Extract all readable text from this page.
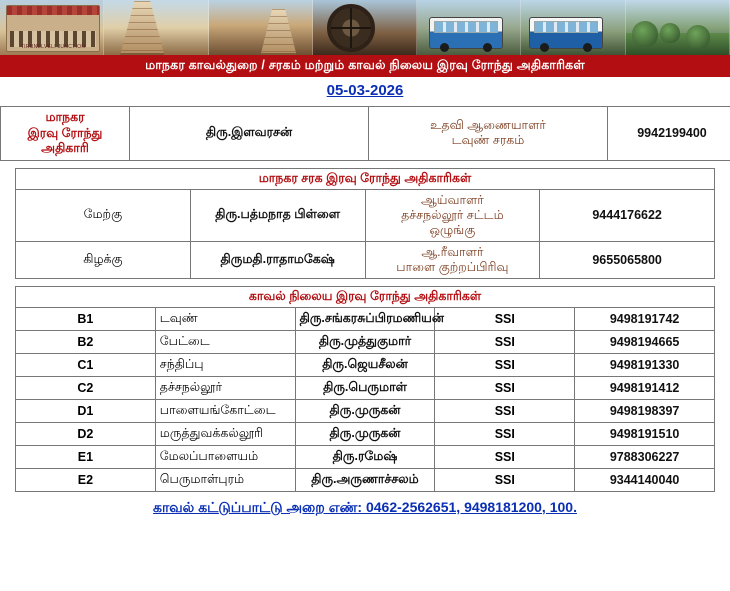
TIRUNELVELI JUNCTION
மாநகர காவல்துறை / சரகம் மற்றும் காவல் நிலைய இரவு ரோந்து அதிகாரிகள்
05-03-2026
மாநகர
இரவு ரோந்து
அதிகாரி
	திரு.இளவரசன்	உதவி ஆணையாளர்
டவுண் சரகம்	9942199400
மாநகர சரக இரவு ரோந்து அதிகாரிகள்			
மேற்கு	திரு.பத்மநாத பிள்ளை	ஆய்வாளர்
தச்சநல்லூர் சட்டம்
ஒழுங்கு	9444176622
கிழக்கு	திருமதி.ராதாமகேஷ்	ஆ.ரீவாளர்
பாளை குற்றப்பிரிவு	9655065800
காவல் நிலைய இரவு ரோந்து அதிகாரிகள்				
B1	டவுண்	திரு.சங்கரசுப்பிரமணியன்	SSI	9498191742
B2	பேட்டை	திரு.முத்துகுமார்	SSI	9498194665
C1	சந்திப்பு	திரு.ஜெயசீலன்	SSI	9498191330
C2	தச்சநல்லூர்	திரு.பெருமாள்	SSI	9498191412
D1	பாளையங்கோட்டை	திரு.முருகன்	SSI	9498198397
D2	மருத்துவக்கல்லூரி	திரு.முருகன்	SSI	9498191510
E1	மேலப்பாளையம்	திரு.ரமேஷ்	SSI	9788306227
E2	பெருமாள்புரம்	திரு.அருணாச்சலம்	SSI	9344140040
காவல் கட்டுப்பாட்டு அறை எண்: 0462-2562651, 9498181200, 100.
